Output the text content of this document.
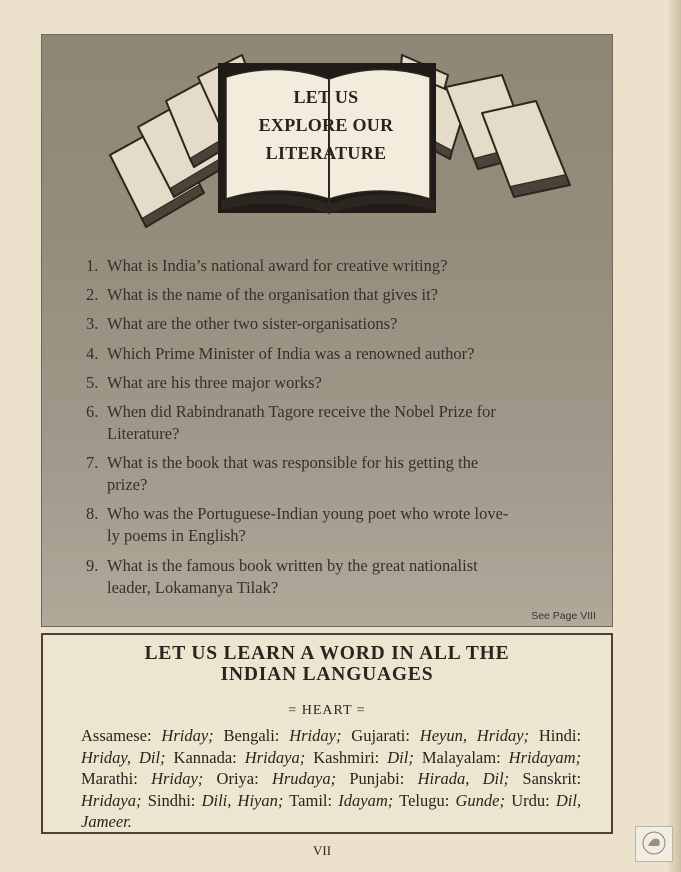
LET US
EXPLORE OUR
LITERATURE
1. What is India’s national award for creative writing?
2. What is the name of the organisation that gives it?
3. What are the other two sister-organisations?
4. Which Prime Minister of India was a renowned author?
5. What are his three major works?
6. When did Rabindranath Tagore receive the Nobel Prize for
Literature?
7. What is the book that was responsible for his getting the
prize?
8. Who was the Portuguese-Indian young poet who wrote love-
ly poems in English?
9. What is the famous book written by the great nationalist
leader, Lokamanya Tilak?
See Page VIII
LET US LEARN A WORD IN ALL THE
INDIAN LANGUAGES
= HEART =
Assamese: Hriday; Bengali: Hriday; Gujarati: Heyun, Hriday; Hindi: Hriday, Dil; Kannada: Hridaya; Kashmiri: Dil; Malayalam: Hridayam; Marathi: Hriday; Oriya: Hrudaya; Punjabi: Hirada, Dil; Sanskrit: Hridaya; Sindhi: Dili, Hiyan; Tamil: Idayam; Telugu: Gunde; Urdu: Dil, Jameer.
VII
